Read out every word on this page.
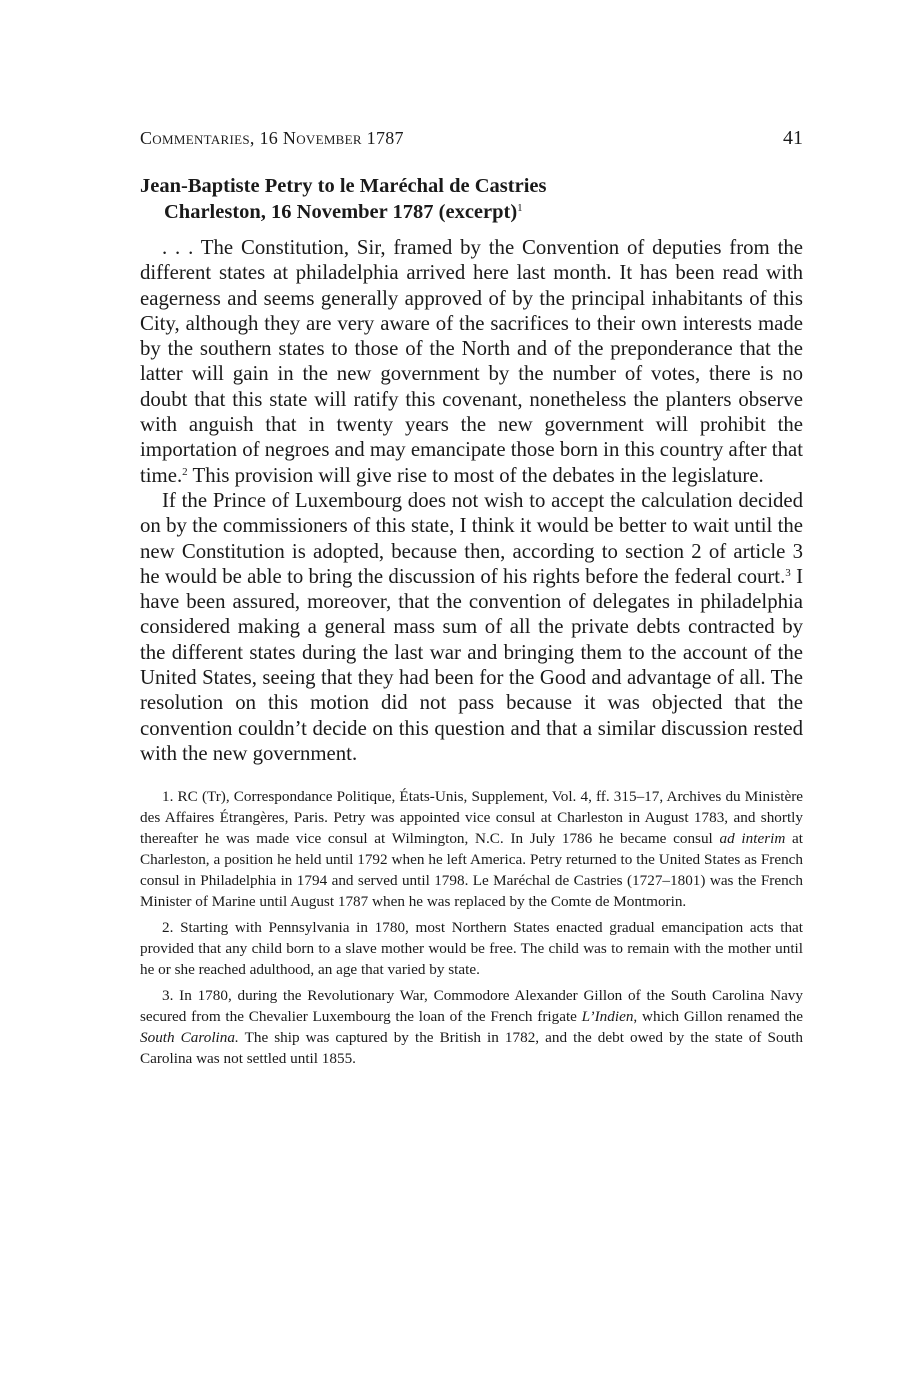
Commentaries, 16 November 1787	41
Jean-Baptiste Petry to le Maréchal de Castries
Charleston, 16 November 1787 (excerpt)$^1$

. . . The Constitution, Sir, framed by the Convention of deputies from the different states at philadelphia arrived here last month. It has been read with eagerness and seems generally approved of by the principal inhabitants of this City, although they are very aware of the sacrifices to their own interests made by the southern states to those of the North and of the preponderance that the latter will gain in the new government by the number of votes, there is no doubt that this state will ratify this covenant, nonetheless the planters observe with anguish that in twenty years the new government will prohibit the importation of negroes and may emancipate those born in this country after that time.$^2$ This provision will give rise to most of the debates in the legislature.

If the Prince of Luxembourg does not wish to accept the calculation decided on by the commissioners of this state, I think it would be better to wait until the new Constitution is adopted, because then, according to section 2 of article 3 he would be able to bring the discussion of his rights before the federal court.$^3$ I have been assured, moreover, that the convention of delegates in philadelphia considered making a general mass sum of all the private debts contracted by the different states during the last war and bringing them to the account of the United States, seeing that they had been for the Good and advantage of all. The resolution on this motion did not pass because it was objected that the convention couldn’t decide on this question and that a similar discussion rested with the new government.

1. RC (Tr), Correspondance Politique, États-Unis, Supplement, Vol. 4, ff. 315–17, Archives du Ministère des Affaires Étrangères, Paris. Petry was appointed vice consul at Charleston in August 1783, and shortly thereafter he was made vice consul at Wilmington, N.C. In July 1786 he became consul ad interim at Charleston, a position he held until 1792 when he left America. Petry returned to the United States as French consul in Philadelphia in 1794 and served until 1798. Le Maréchal de Castries (1727–1801) was the French Minister of Marine until August 1787 when he was replaced by the Comte de Montmorin.

2. Starting with Pennsylvania in 1780, most Northern States enacted gradual emancipation acts that provided that any child born to a slave mother would be free. The child was to remain with the mother until he or she reached adulthood, an age that varied by state.

3. In 1780, during the Revolutionary War, Commodore Alexander Gillon of the South Carolina Navy secured from the Chevalier Luxembourg the loan of the French frigate L’Indien, which Gillon renamed the South Carolina. The ship was captured by the British in 1782, and the debt owed by the state of South Carolina was not settled until 1855.
